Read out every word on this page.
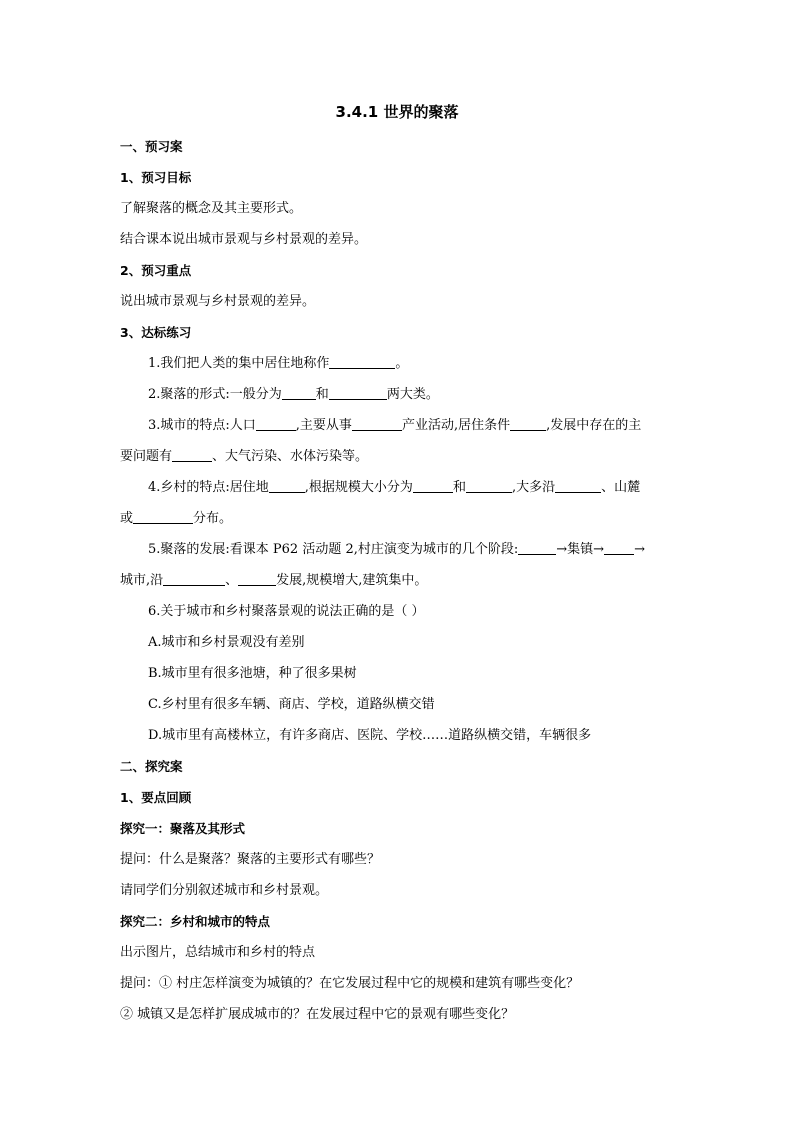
3.4.1 世界的聚落
一、预习案
1、预习目标
了解聚落的概念及其主要形式。
结合课本说出城市景观与乡村景观的差异。
2、预习重点
说出城市景观与乡村景观的差异。
3、达标练习
1.我们把人类的集中居住地称作	。
2.聚落的形式:一般分为	和	两大类。
3.城市的特点:人口	,主要从事	产业活动,居住条件	,发展中存在的主
要问题有	、大气污染、水体污染等。
4.乡村的特点:居住地	,根据规模大小分为	和	,大多沿	、山麓
或	分布。
5.聚落的发展:看课本 P62 活动题 2,村庄演变为城市的几个阶段:	→集镇→ →
城市,沿	、	发展,规模增大,建筑集中。
6.关于城市和乡村聚落景观的说法正确的是（ ）
A.城市和乡村景观没有差别
B.城市里有很多池塘，种了很多果树
C.乡村里有很多车辆、商店、学校，道路纵横交错
D.城市里有高楼林立，有许多商店、医院、学校……道路纵横交错，车辆很多
二、探究案
1、要点回顾
探究一：聚落及其形式
提问：什么是聚落？聚落的主要形式有哪些？
请同学们分别叙述城市和乡村景观。
探究二：乡村和城市的特点
出示图片，总结城市和乡村的特点
提问：① 村庄怎样演变为城镇的？在它发展过程中它的规模和建筑有哪些变化？
② 城镇又是怎样扩展成城市的？在发展过程中它的景观有哪些变化？
